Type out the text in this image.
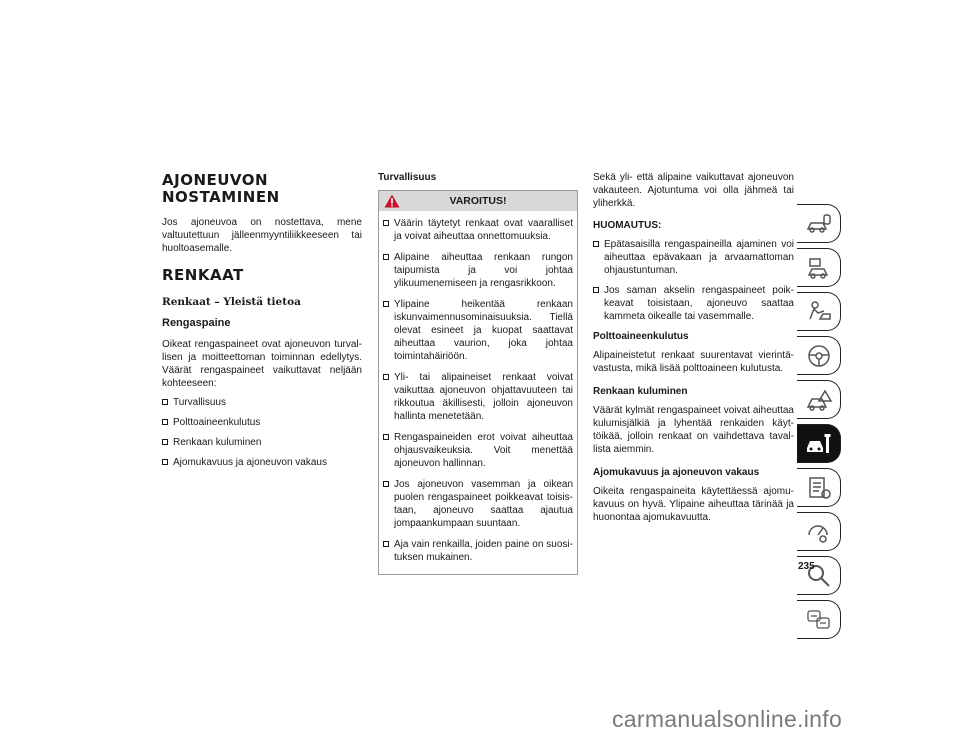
AJONEUVON NOSTAMINEN
Jos ajoneuvoa on nostettava, mene valtuutettuun jälleenmyyntiliikkeeseen tai huoltoasemalle.
RENKAAT
Renkaat – Yleistä tietoa
Rengaspaine
Oikeat rengaspaineet ovat ajoneuvon turvallisen ja moitteettoman toiminnan edellytys. Väärät rengaspaineet vaikuttavat neljään kohteeseen:
Turvallisuus
Polttoaineenkulutus
Renkaan kuluminen
Ajomukavuus ja ajoneuvon vakaus
Turvallisuus
VAROITUS!
Väärin täytetyt renkaat ovat vaaralliset ja voivat aiheuttaa onnettomuuksia.
Alipaine aiheuttaa renkaan rungon taipumista ja voi johtaa ylikuumenemiseen ja rengasrikkoon.
Ylipaine heikentää renkaan iskunvaimennusominaisuuksia. Tiellä olevat esineet ja kuopat saattavat aiheuttaa vaurion, joka johtaa toimintahäiriöön.
Yli- tai alipaineiset renkaat voivat vaikuttaa ajoneuvon ohjattavuuteen tai rikkoutua äkillisesti, jolloin ajoneuvon hallinta menetetään.
Rengaspaineiden erot voivat aiheuttaa ohjausvaikeuksia. Voit menettää ajoneuvon hallinnan.
Jos ajoneuvon vasemman ja oikean puolen rengaspaineet poikkeavat toisistaan, ajoneuvo saattaa ajautua jompaankumpaan suuntaan.
Aja vain renkailla, joiden paine on suosituksen mukainen.
Sekä yli- että alipaine vaikuttavat ajoneuvon vakauteen. Ajotuntuma voi olla jähmeä tai yliherkkä.
HUOMAUTUS:
Epätasaisilla rengaspaineilla ajaminen voi aiheuttaa epävakaan ja arvaamattoman ohjaustuntuman.
Jos saman akselin rengaspaineet poikkeavat toisistaan, ajoneuvo saattaa kammeta oikealle tai vasemmalle.
Polttoaineenkulutus
Alipaineistetut renkaat suurentavat vierintävastusta, mikä lisää polttoaineen kulutusta.
Renkaan kuluminen
Väärät kylmät rengaspaineet voivat aiheuttaa kulumisjälkiä ja lyhentää renkaiden käyttöikää, jolloin renkaat on vaihdettava tavallista aiemmin.
Ajomukavuus ja ajoneuvon vakaus
Oikeita rengaspaineita käytettäessä ajomukavuus on hyvä. Ylipaine aiheuttaa tärinää ja huonontaa ajomukavuutta.
235
carmanualsonline.info
